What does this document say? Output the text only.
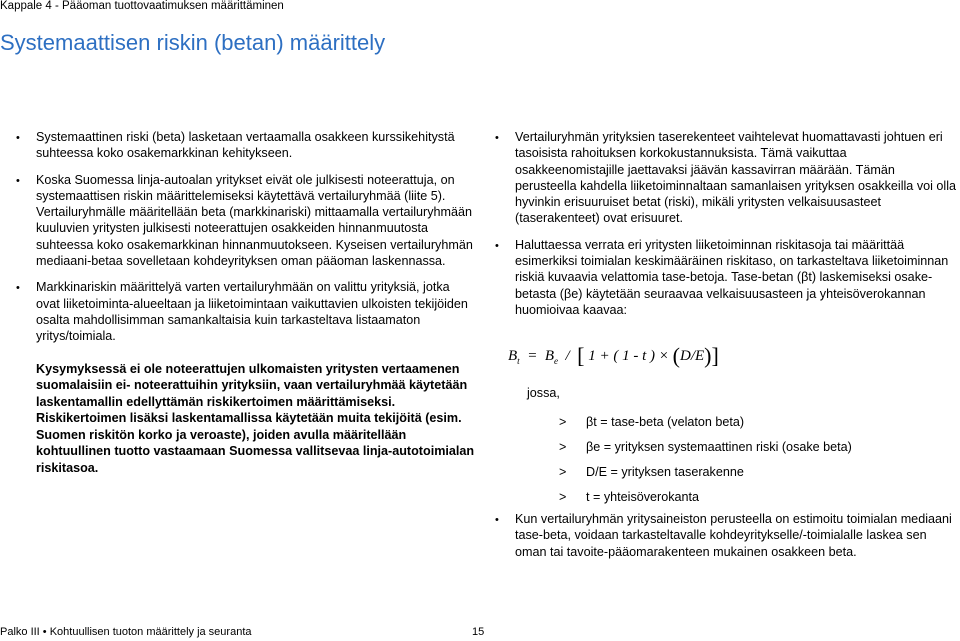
Kappale 4 - Pääoman tuottovaatimuksen määrittäminen
Systemaattisen riskin (betan) määrittely
•
Systemaattinen riski (beta) lasketaan vertaamalla osakkeen kurssikehitystä suhteessa koko osakemarkkinan kehitykseen.
•
Koska Suomessa linja-autoalan yritykset eivät ole julkisesti noteerattuja, on systemaattisen riskin määrittelemiseksi käytettävä vertailuryhmää (liite 5). Vertailuryhmälle määritellään beta (markkinariski) mittaamalla vertailuryhmään kuuluvien yritysten julkisesti noteerattujen osakkeiden hinnanmuutosta suhteessa koko osakemarkkinan hinnanmuutokseen. Kyseisen vertailuryhmän mediaani-betaa sovelletaan kohdeyrityksen oman pääoman laskennassa.
•
Markkinariskin määrittelyä varten vertailuryhmään on valittu yrityksiä, jotka ovat liiketoiminta-alueeltaan ja liiketoimintaan vaikuttavien ulkoisten tekijöiden osalta mahdollisimman samankaltaisia kuin tarkasteltava listaamaton yritys/toimiala.
Kysymyksessä ei ole noteerattujen ulkomaisten yritysten vertaamenen suomalaisiin ei- noteerattuihin yrityksiin, vaan vertailuryhmää käytetään laskentamallin edellyttämän riskikertoimen määrittämiseksi. Riskikertoimen lisäksi laskentamallissa käytetään muita tekijöitä (esim. Suomen riskitön korko ja veroaste), joiden avulla määritellään kohtuullinen tuotto vastaamaan Suomessa vallitsevaa linja-autotoimialan riskitasoa.
•
Vertailuryhmän yrityksien taserekenteet vaihtelevat huomattavasti johtuen eri tasoisista rahoituksen korkokustannuksista. Tämä vaikuttaa osakkeenomistajille jaettavaksi jäävän kassavirran määrään. Tämän perusteella kahdella liiketoiminnaltaan samanlaisen yrityksen osakkeilla voi olla hyvinkin erisuuruiset betat (riski), mikäli yritysten velkaisuusasteet (taserakenteet) ovat erisuuret.
•
Haluttaessa verrata eri yritysten liiketoiminnan riskitasoja tai määrittää esimerkiksi toimialan keskimääräinen riskitaso, on tarkasteltava liiketoiminnan riskiä kuvaavia velattomia tase-betoja. Tase-betan (βt) laskemiseksi osake-betasta (βe) käytetään seuraavaa velkaisuusasteen ja yhteisöverokannan huomioivaa kaavaa:
$B_t = B_e$ / [ 1 + ( 1 - t ) × (D/E)]
jossa,
> βt = tase-beta (velaton beta)
> βe = yrityksen systemaattinen riski (osake beta)
> D/E = yrityksen taserakenne
> t = yhteisöverokanta
•
Kun vertailuryhmän yritysaineiston perusteella on estimoitu toimialan mediaani tase-beta, voidaan tarkasteltavalle kohdeyritykselle/-toimialalle laskea sen oman tai tavoite-pääomarakenteen mukainen osakkeen beta.
Palko III • Kohtuullisen tuoton määrittely ja seuranta	15
